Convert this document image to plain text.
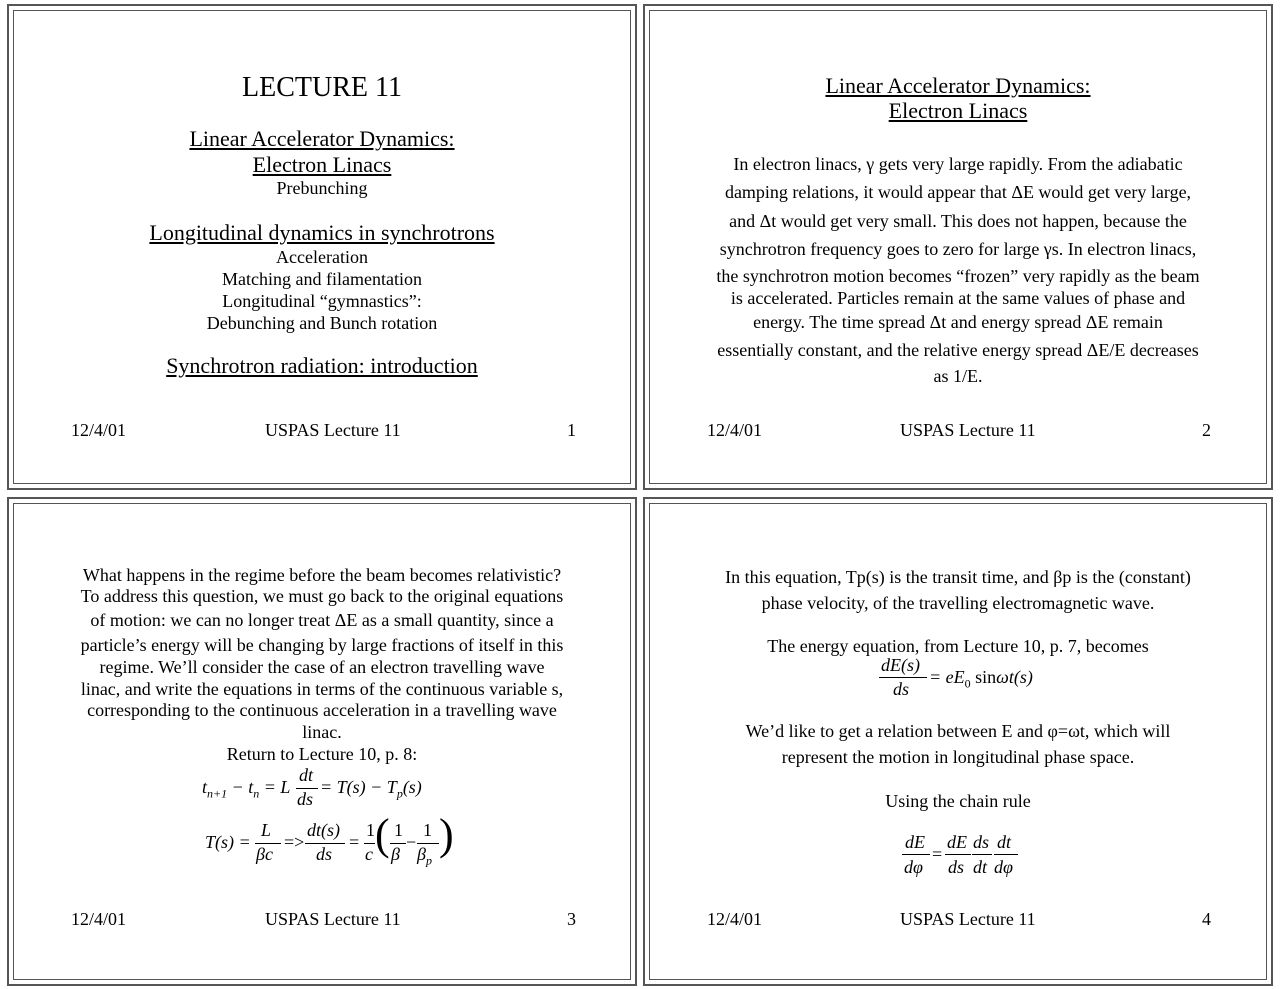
LECTURE 11
Linear Accelerator Dynamics:
Electron Linacs
Prebunching
Longitudinal dynamics in synchrotrons
Acceleration
Matching and filamentation
Longitudinal “gymnastics”:
Debunching and Bunch rotation
Synchrotron radiation: introduction
12/4/01	USPAS Lecture 11	1
Linear Accelerator Dynamics:
Electron Linacs
In electron linacs, γ gets very large rapidly. From the adiabatic
damping relations, it would appear that ΔE would get very large,
and Δt would get very small. This does not happen, because the
synchrotron frequency goes to zero for large γs. In electron linacs,
the synchrotron motion becomes “frozen” very rapidly as the beam
is accelerated. Particles remain at the same values of phase and
energy. The time spread Δt and energy spread ΔE remain
essentially constant, and the relative energy spread ΔE/E decreases
as 1/E.
12/4/01	USPAS Lecture 11	2
What happens in the regime before the beam becomes relativistic?
To address this question, we must go back to the original equations
of motion: we can no longer treat ΔE as a small quantity, since a
particle’s energy will be changing by large fractions of itself in this
regime. We’ll consider the case of an electron travelling wave
linac, and write the equations in terms of the continuous variable s,
corresponding to the continuous acceleration in a travelling wave
linac.
Return to Lecture 10, p. 8:
$t_{n+1} - t_n = L$
dt
ds
= $T(s) - T_p(s)$
T(s) =
L
βc
=>
dt(s)
ds
=
1
c ( 1
β
−
1
$\beta_p$
)
12/4/01	USPAS Lecture 11	3
In this equation, Tp(s) is the transit time, and βp is the (constant)
phase velocity, of the travelling electromagnetic wave.
The energy equation, from Lecture 10, p. 7, becomes
dE(s)
ds
= $eE_0$ sinωt(s)
We’d like to get a relation between E and φ=ωt, which will
represent the motion in longitudinal phase space.
Using the chain rule
dE
dφ
=
dE
ds
ds
dt
dt
dφ
12/4/01	USPAS Lecture 11	4
